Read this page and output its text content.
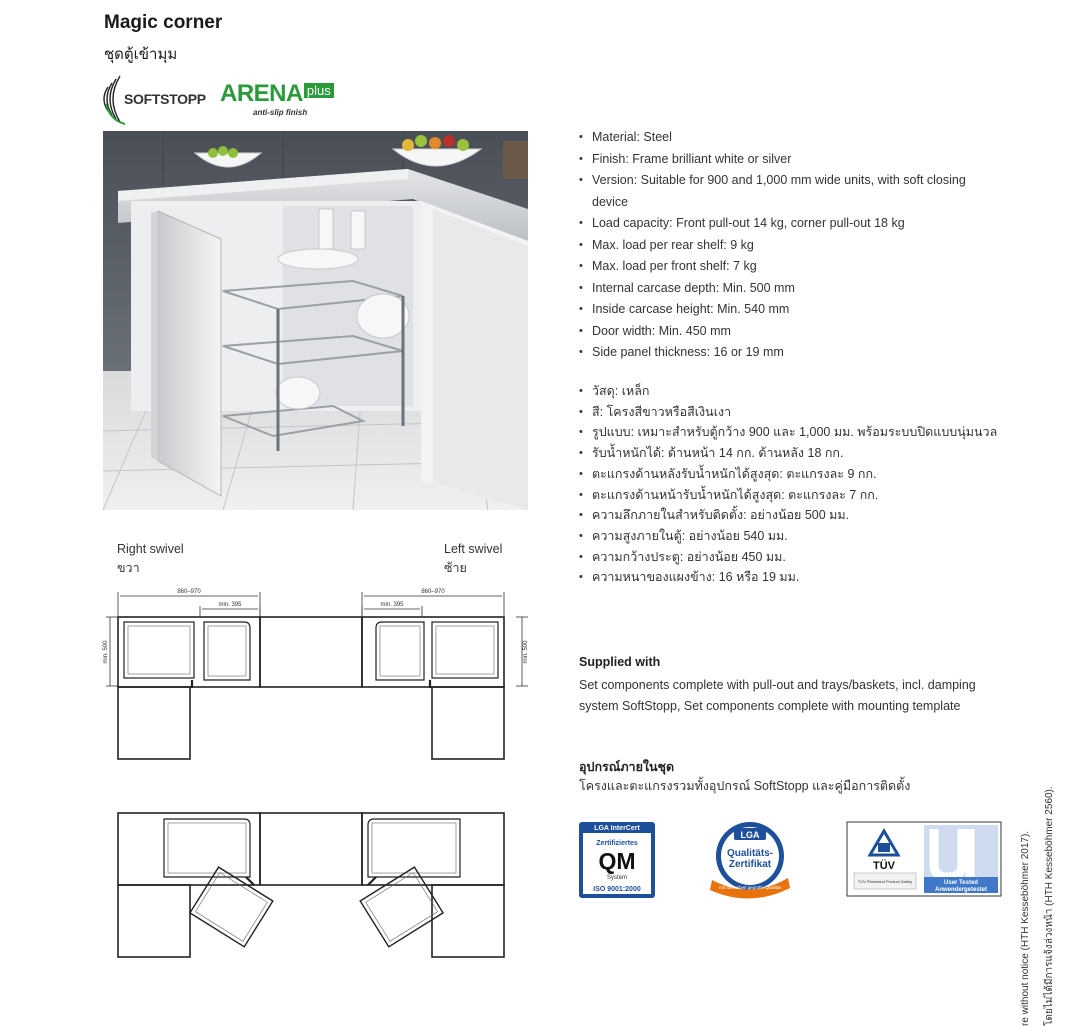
Magic corner
ชุดตู้เข้ามุม
SOFTSTOPP ARENA plus
anti-slip finish
• Material: Steel
• Finish: Frame brilliant white or silver
• Version: Suitable for 900 and 1,000 mm wide units, with soft closing device
• Load capacity: Front pull-out 14 kg, corner pull-out 18 kg
• Max. load per rear shelf: 9 kg
• Max. load per front shelf: 7 kg
• Internal carcase depth: Min. 500 mm
• Inside carcase height: Min. 540 mm
• Door width: Min. 450 mm
• Side panel thickness: 16 or 19 mm
• วัสดุ: เหล็ก
• สี: โครงสีขาวหรือสีเงินเงา
• รูปแบบ: เหมาะสำหรับตู้กว้าง 900 และ 1,000 มม. พร้อมระบบปิดแบบนุ่มนวล
• รับน้ำหนักได้: ด้านหน้า 14 กก. ด้านหลัง 18 กก.
• ตะแกรงด้านหลังรับน้ำหนักได้สูงสุด: ตะแกรงละ 9 กก.
• ตะแกรงด้านหน้ารับน้ำหนักได้สูงสุด: ตะแกรงละ 7 กก.
• ความลึกภายในสำหรับติดตั้ง: อย่างน้อย 500 มม.
• ความสูงภายในตู้: อย่างน้อย 540 มม.
• ความกว้างประตู: อย่างน้อย 450 มม.
• ความหนาของแผงข้าง: 16 หรือ 19 มม.
Supplied with
Set components complete with pull-out and trays/baskets, incl. damping system SoftStopp, Set components complete with mounting template
อุปกรณ์ภายในชุด
โครงและตะแกรงรวมทั้งอุปกรณ์ SoftStopp และคู่มือการติดตั้ง
Right swivel
ขวา
Left swivel
ซ้าย
860–970
min. 395
860–970
min. 395
min. 500	min. 500
LGA InterCert
Zertifiziertes
QM
System
ISO 9001:2000
LGA
Qualitäts-
Zertifikat
mit Sicherheit geprüfte Qualität
User Tested
Anwendergetestet
TÜV
TÜV Rheinland Product Safety	re without notice (HTH Kesseböhmer 2017). โดยไม่ได้มีการแจ้งล่วงหน้า (HTH Kesseböhmer 2560).
